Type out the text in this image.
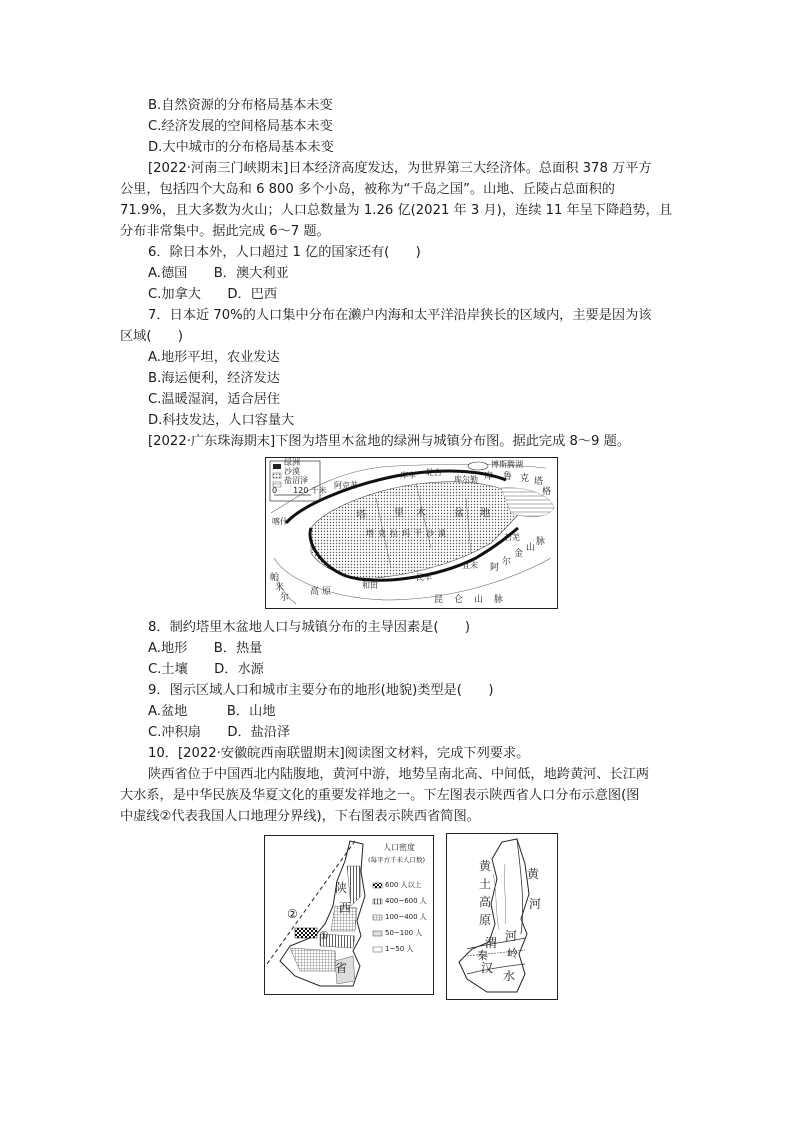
B.自然资源的分布格局基本未变
C.经济发展的空间格局基本未变
D.大中城市的分布格局基本未变
[2022·河南三门峡期末]日本经济高度发达，为世界第三大经济体。总面积 378 万平方
公里，包括四个大岛和 6 800 多个小岛，被称为“千岛之国”。山地、丘陵占总面积的
71.9%，且大多数为火山；人口总数量为 1.26 亿(2021 年 3 月)，连续 11 年呈下降趋势，且
分布非常集中。据此完成 6～7 题。
6．除日本外，人口超过 1 亿的国家还有(　　)
A.德国　　B．澳大利亚
C.加拿大　　D．巴西
7．日本近 70%的人口集中分布在濑户内海和太平洋沿岸狭长的区域内，主要是因为该
区域(　　)
A.地形平坦，农业发达
B.海运便利，经济发达
C.温暖湿润，适合居住
D.科技发达，人口容量大
[2022·广东珠海期末]下图为塔里木盆地的绿洲与城镇分布图。据此完成 8～9 题。
绿洲
沙漠
盐沼泽
0　　120 千米
博斯腾湖
库 鲁 克 塔
格
阿克苏
库车 轮台
库尔勒
喀什
塔	里 木	盆 地
塔 克 拉 玛 干 沙 漠	若羌
且末
民丰
和田
阿
尔
金
山
脉
昆 仑 山 脉
帕
米
尔
高 原
8．制约塔里木盆地人口与城镇分布的主导因素是(　　)
A.地形　　B．热量
C.土壤　　D．水源
9．图示区域人口和城市主要分布的地形(地貌)类型是(　　)
A.盆地　　　B．山地
C.冲积扇　　D．盐沿泽
10．[2022·安徽皖西南联盟期末]阅读图文材料，完成下列要求。
陕西省位于中国西北内陆腹地，黄河中游，地势呈南北高、中间低，地跨黄河、长江两
大水系，是中华民族及华夏文化的重要发祥地之一。下左图表示陕西省人口分布示意图(图
中虚线②代表我国人口地理分界线)，下右图表示陕西省简图。
陕
西
省
②
①
人口密度
(每平方千米人口数)
600 人以上
400~600 人
100~400 人
50~100 人
1~50 人
黄
土
高
原
黄
河
河
渭
秦 岭
汉
水
